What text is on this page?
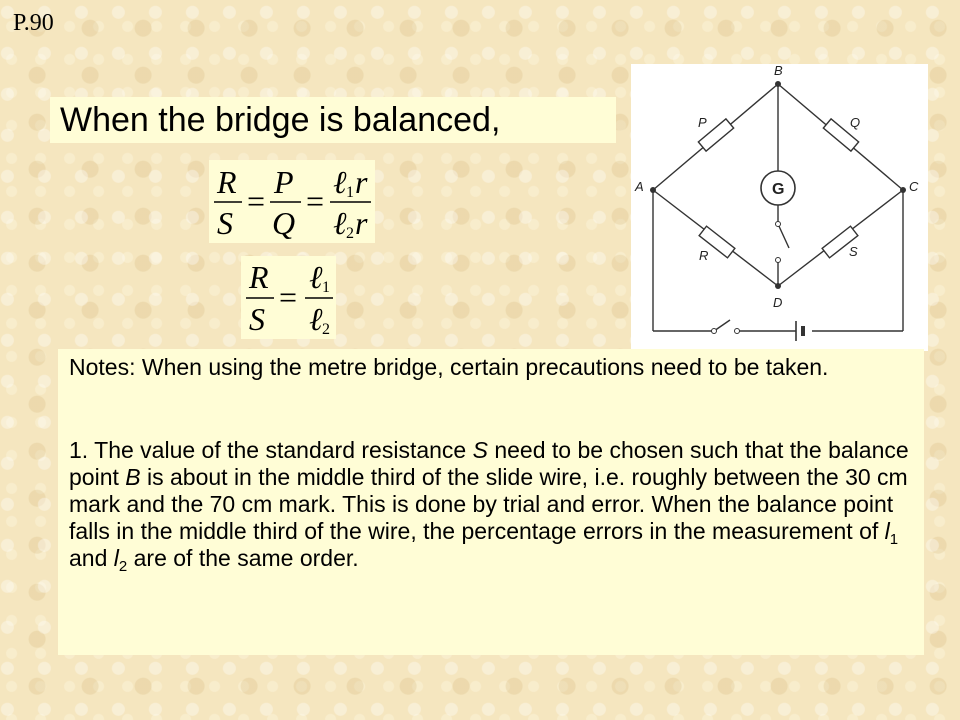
P.90
When the bridge is balanced,
R
S
=
P
Q
=
ℓ 1 r
ℓ 2 r
R
S
=
ℓ 1
ℓ 2
G
B
A	C
D
P	Q
R	S
Notes: When using the metre bridge, certain precautions need to be taken.
1. The value of the standard resistance S need to be chosen such that the balance point B is about in the middle third of the slide wire, i.e. roughly between the 30 cm mark and the 70 cm mark. This is done by trial and error. When the balance point falls in the middle third of the wire, the percentage errors in the measurement of $l_1$ and $l_2$ are of the same order.
